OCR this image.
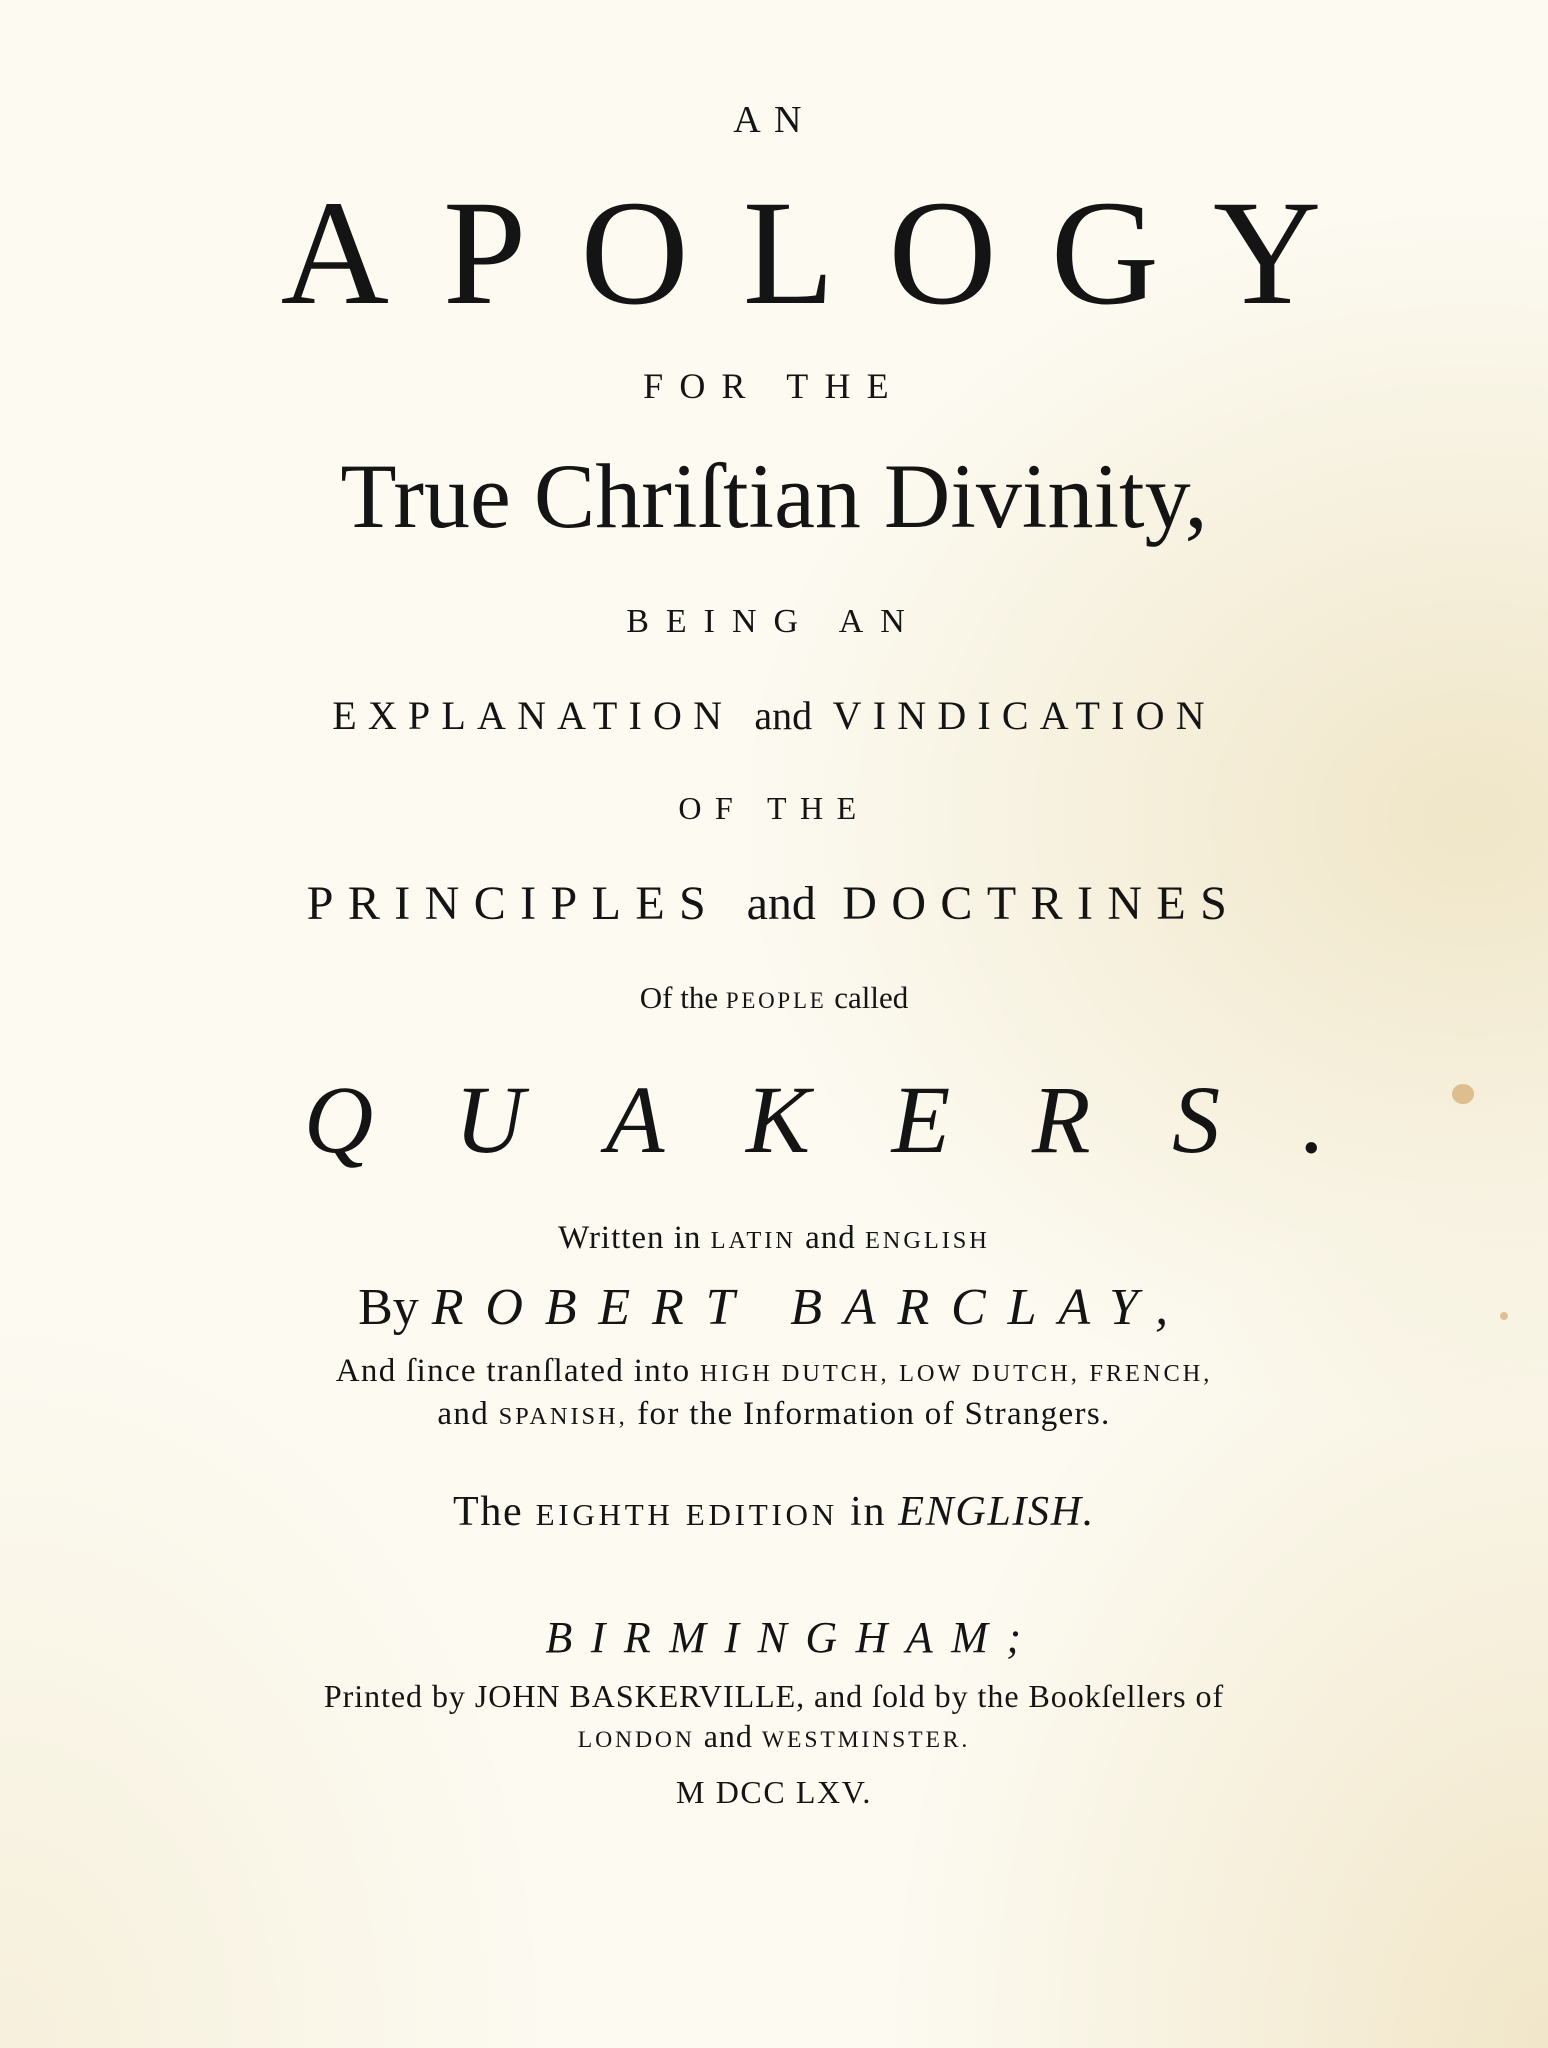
AN
APOLOGY
FOR THE
True Chriſtian Divinity,
BEING AN
EXPLANATION and VINDICATION
OF THE
PRINCIPLES and DOCTRINES
Of the PEOPLE called
QUAKERS.
Written in LATIN and ENGLISH
By ROBERT BARCLAY,
And ſince tranſlated into HIGH DUTCH, LOW DUTCH, FRENCH,
and SPANISH, for the Information of Strangers.
The EIGHTH EDITION in ENGLISH.
BIRMINGHAM;
Printed by JOHN BASKERVILLE, and ſold by the Bookſellers of
LONDON and WESTMINSTER.
M DCC LXV.
